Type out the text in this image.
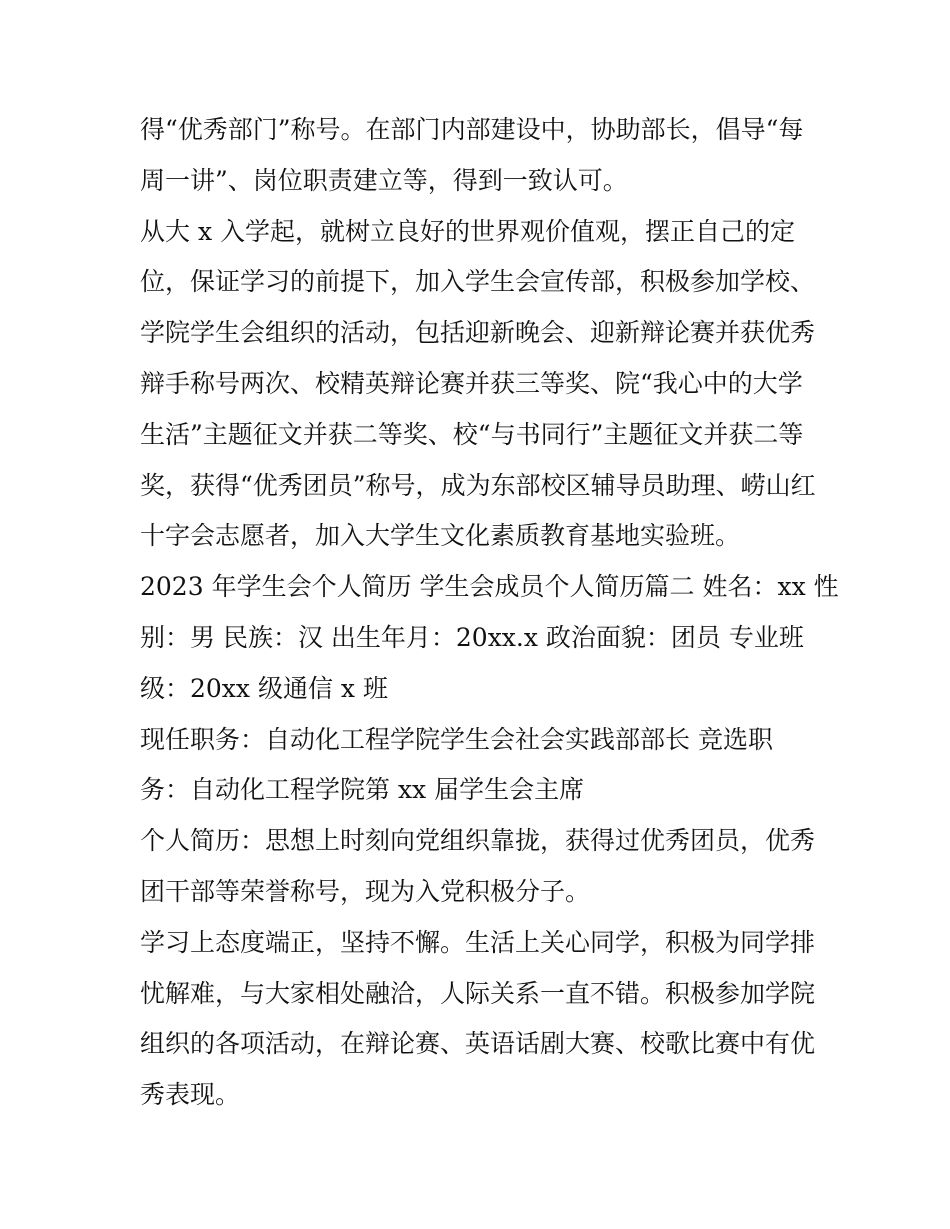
得“优秀部门”称号。在部门内部建设中，协助部长，倡导“每
周一讲”、岗位职责建立等，得到一致认可。
从大 x 入学起，就树立良好的世界观价值观，摆正自己的定
位，保证学习的前提下，加入学生会宣传部，积极参加学校、
学院学生会组织的活动，包括迎新晚会、迎新辩论赛并获优秀
辩手称号两次、校精英辩论赛并获三等奖、院“我心中的大学
生活”主题征文并获二等奖、校“与书同行”主题征文并获二等
奖，获得“优秀团员”称号，成为东部校区辅导员助理、崂山红
十字会志愿者，加入大学生文化素质教育基地实验班。
2023 年学生会个人简历 学生会成员个人简历篇二 姓名：xx 性
别：男 民族：汉 出生年月：20xx.x 政治面貌：团员 专业班
级：20xx 级通信 x 班
现任职务：自动化工程学院学生会社会实践部部长 竞选职
务：自动化工程学院第 xx 届学生会主席
个人简历：思想上时刻向党组织靠拢，获得过优秀团员，优秀
团干部等荣誉称号，现为入党积极分子。
学习上态度端正，坚持不懈。生活上关心同学，积极为同学排
忧解难，与大家相处融洽，人际关系一直不错。积极参加学院
组织的各项活动，在辩论赛、英语话剧大赛、校歌比赛中有优
秀表现。
